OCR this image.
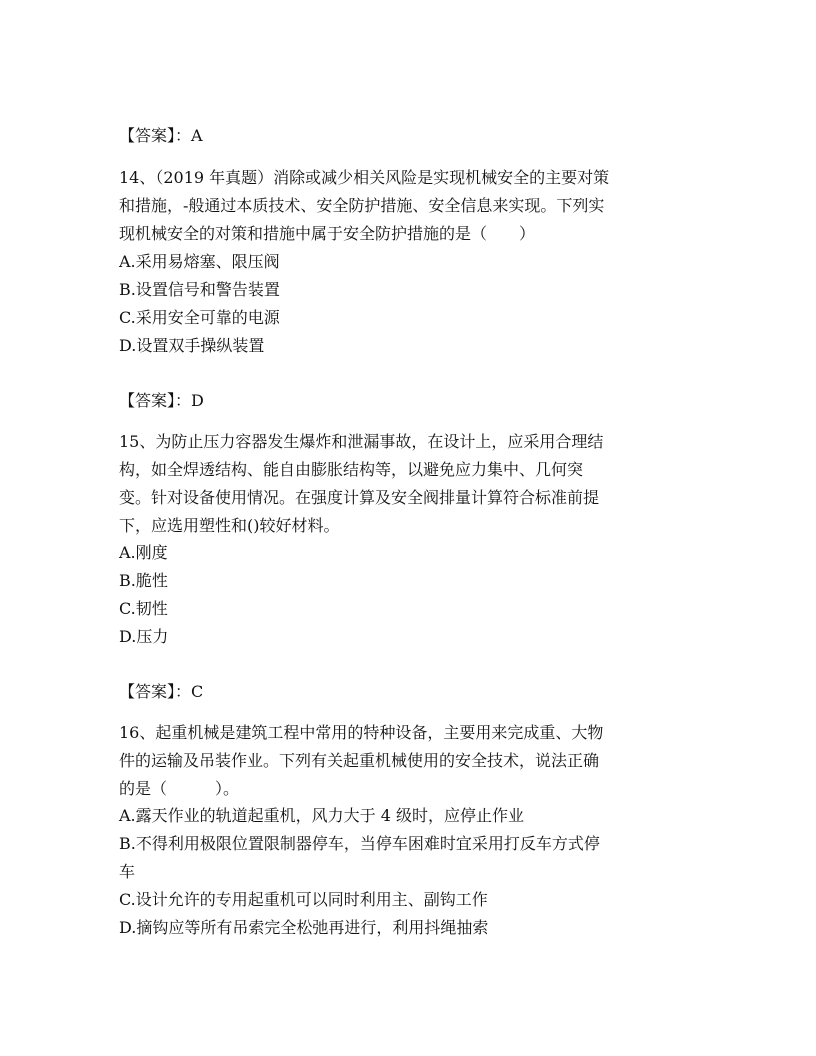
【答案】：A
14、（2019 年真题）消除或减少相关风险是实现机械安全的主要对策
和措施，-般通过本质技术、安全防护措施、安全信息来实现。下列实
现机械安全的对策和措施中属于安全防护措施的是（　　）
A.采用易熔塞、限压阀
B.设置信号和警告装置
C.采用安全可靠的电源
D.设置双手操纵装置
【答案】：D
15、为防止压力容器发生爆炸和泄漏事故，在设计上，应采用合理结
构，如全焊透结构、能自由膨胀结构等，以避免应力集中、几何突
变。针对设备使用情况。在强度计算及安全阀排量计算符合标准前提
下，应选用塑性和()较好材料。
A.刚度
B.脆性
C.韧性
D.压力
【答案】：C
16、起重机械是建筑工程中常用的特种设备，主要用来完成重、大物
件的运输及吊装作业。下列有关起重机械使用的安全技术，说法正确
的是（　　　）。
A.露天作业的轨道起重机，风力大于 4 级时，应停止作业
B.不得利用极限位置限制器停车，当停车困难时宜采用打反车方式停
车
C.设计允许的专用起重机可以同时利用主、副钩工作
D.摘钩应等所有吊索完全松弛再进行，利用抖绳抽索
